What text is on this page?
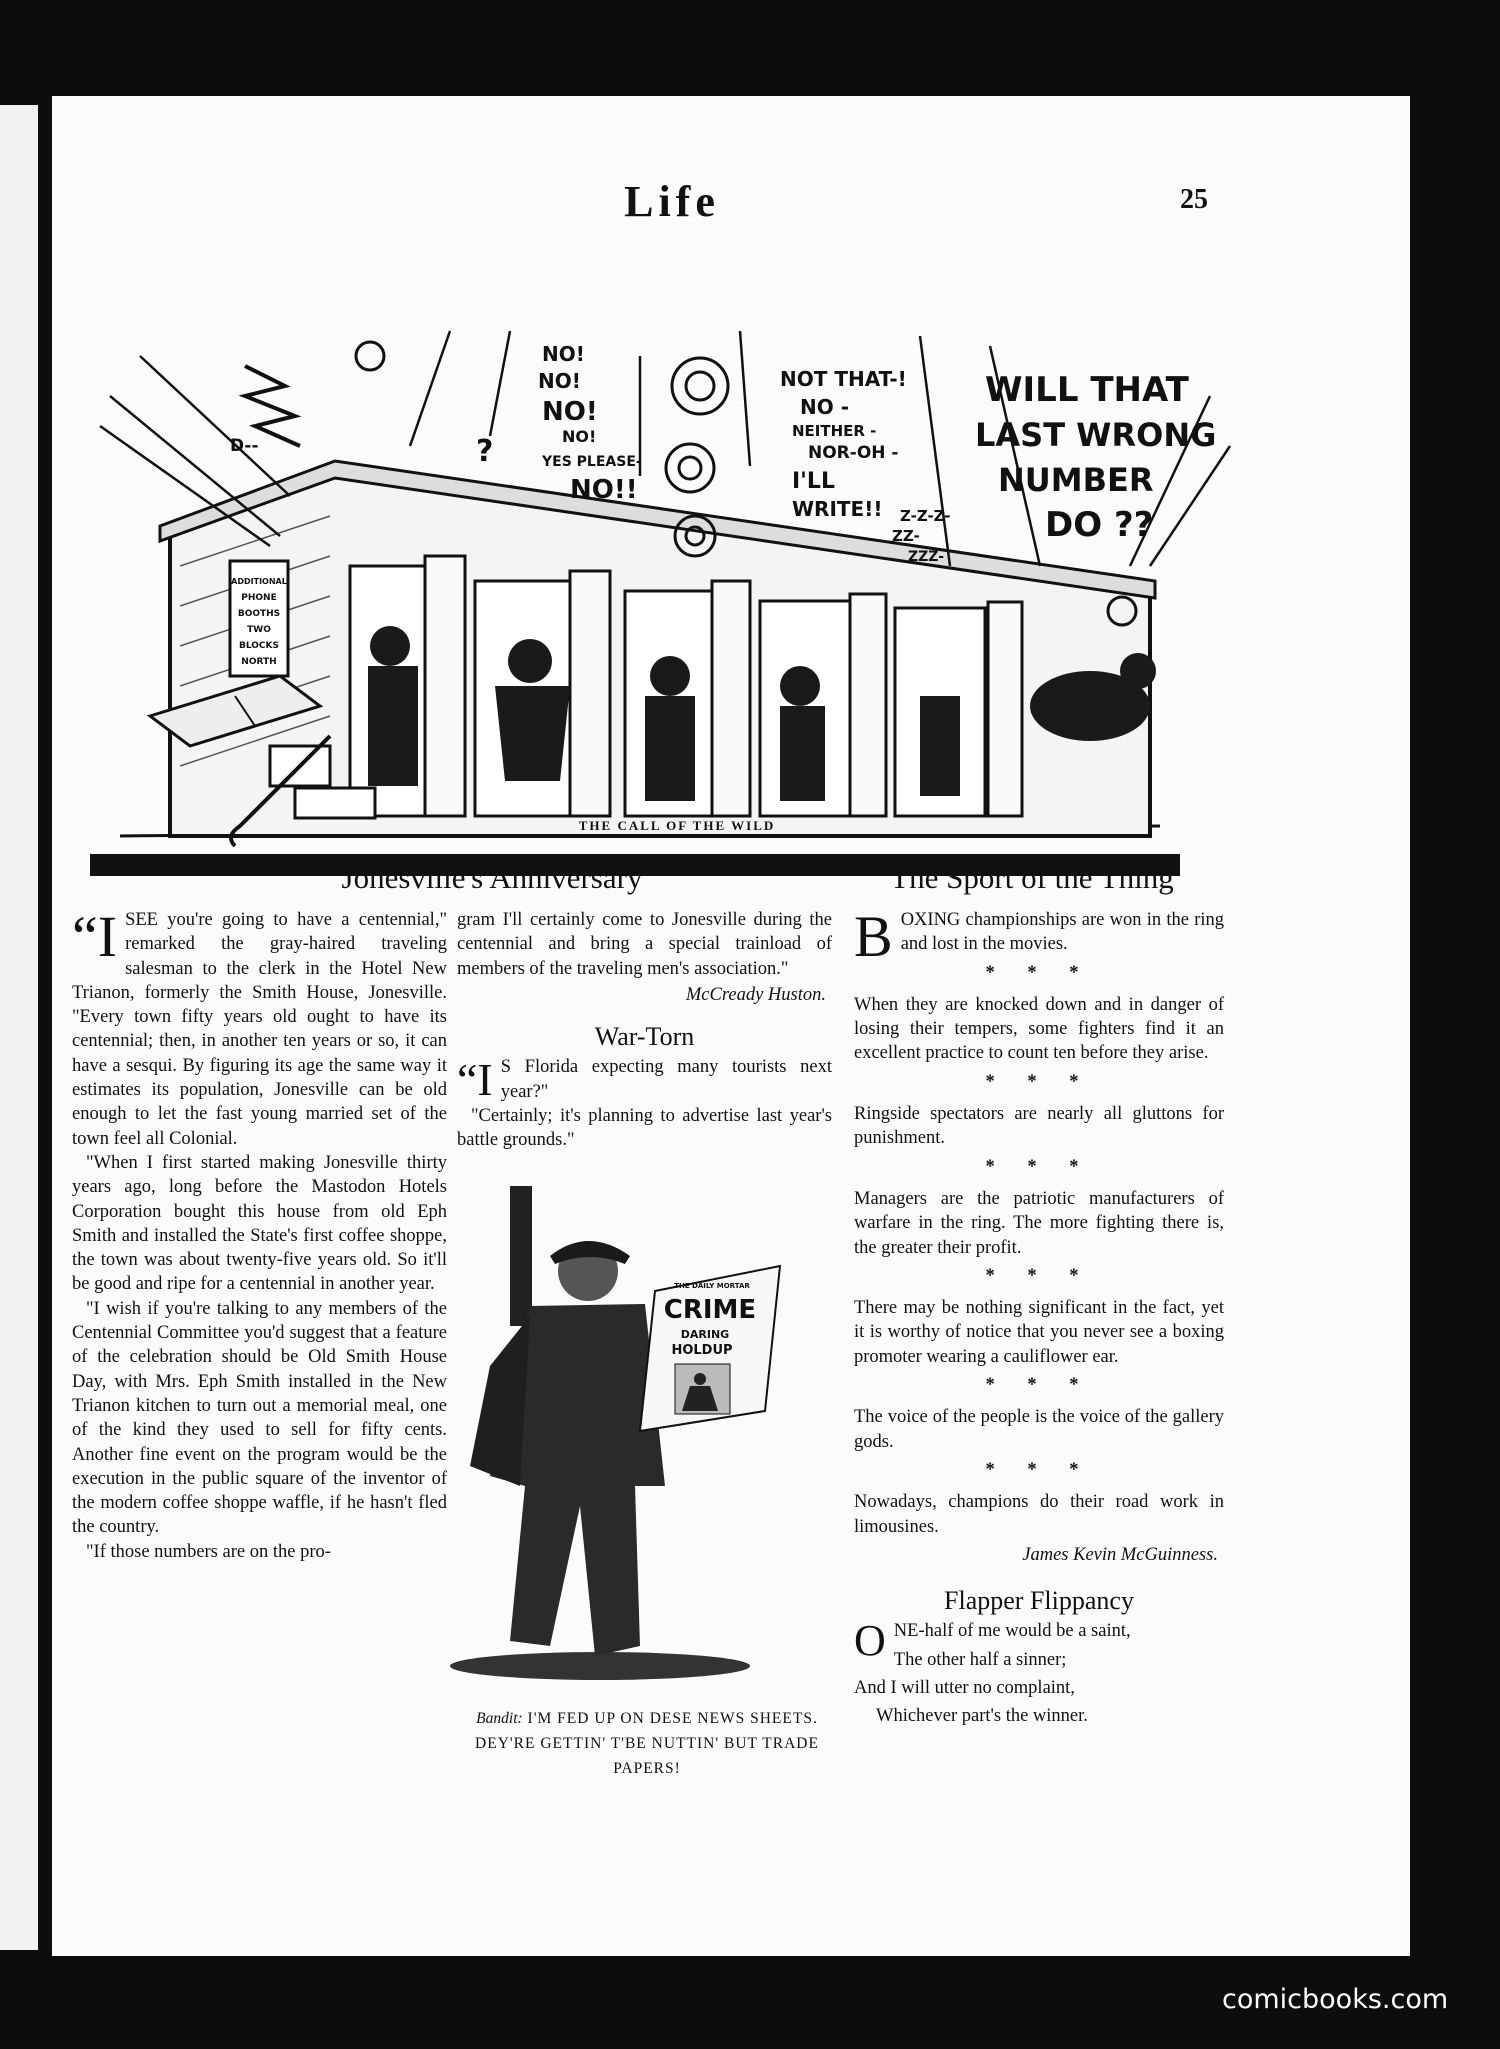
Life	25
ADDITIONAL
PHONE
BOOTHS
TWO
BLOCKS
NORTH
D--	?
NO!
NO!
NO!
NO!
YES PLEASE-
NO!!
NOT THAT-!
NO -
NEITHER -
NOR-OH -
I'LL
WRITE!! Z-Z-Z-
ZZ-
ZZZ-
WILL THAT
LAST WRONG
NUMBER
DO ??
THE CALL OF THE WILD
Jonesville's Anniversary

“I SEE you're going to have a centennial," remarked the gray-haired traveling salesman to the clerk in the Hotel New Trianon, formerly the Smith House, Jonesville. "Every town fifty years old ought to have its centennial; then, in another ten years or so, it can have a sesqui. By figuring its age the same way it estimates its population, Jonesville can be old enough to let the fast young married set of the town feel all Colonial.

"When I first started making Jonesville thirty years ago, long before the Mastodon Hotels Corporation bought this house from old Eph Smith and installed the State's first coffee shoppe, the town was about twenty-five years old. So it'll be good and ripe for a centennial in another year.

"I wish if you're talking to any members of the Centennial Committee you'd suggest that a feature of the celebration should be Old Smith House Day, with Mrs. Eph Smith installed in the New Trianon kitchen to turn out a memorial meal, one of the kind they used to sell for fifty cents. Another fine event on the program would be the execution in the public square of the inventor of the modern coffee shoppe waffle, if he hasn't fled the country.

"If those numbers are on the pro-

gram I'll certainly come to Jonesville during the centennial and bring a special trainload of members of the traveling men's association."

McCready Huston.
War-Torn

“I S Florida expecting many tourists next year?"

"Certainly; it's planning to advertise last year's battle grounds."

THE DAILY MORTAR
CRIME
DARING
HOLDUP
Bandit: I'M FED UP ON DESE NEWS SHEETS. DEY'RE GETTIN' T'BE NUTTIN' BUT TRADE PAPERS!
The Sport of the Thing

BOXING championships are won in the ring and lost in the movies.

* * *

When they are knocked down and in danger of losing their tempers, some fighters find it an excellent practice to count ten before they arise.

* * *

Ringside spectators are nearly all gluttons for punishment.

* * *

Managers are the patriotic manufacturers of warfare in the ring. The more fighting there is, the greater their profit.

* * *

There may be nothing significant in the fact, yet it is worthy of notice that you never see a boxing promoter wearing a cauliflower ear.

* * *

The voice of the people is the voice of the gallery gods.

* * *

Nowadays, champions do their road work in limousines.

James Kevin McGuinness.
Flapper Flippancy

ONE-half of me would be a saint,

The other half a sinner;

And I will utter no complaint,

Whichever part's the winner.

comicbooks.com
